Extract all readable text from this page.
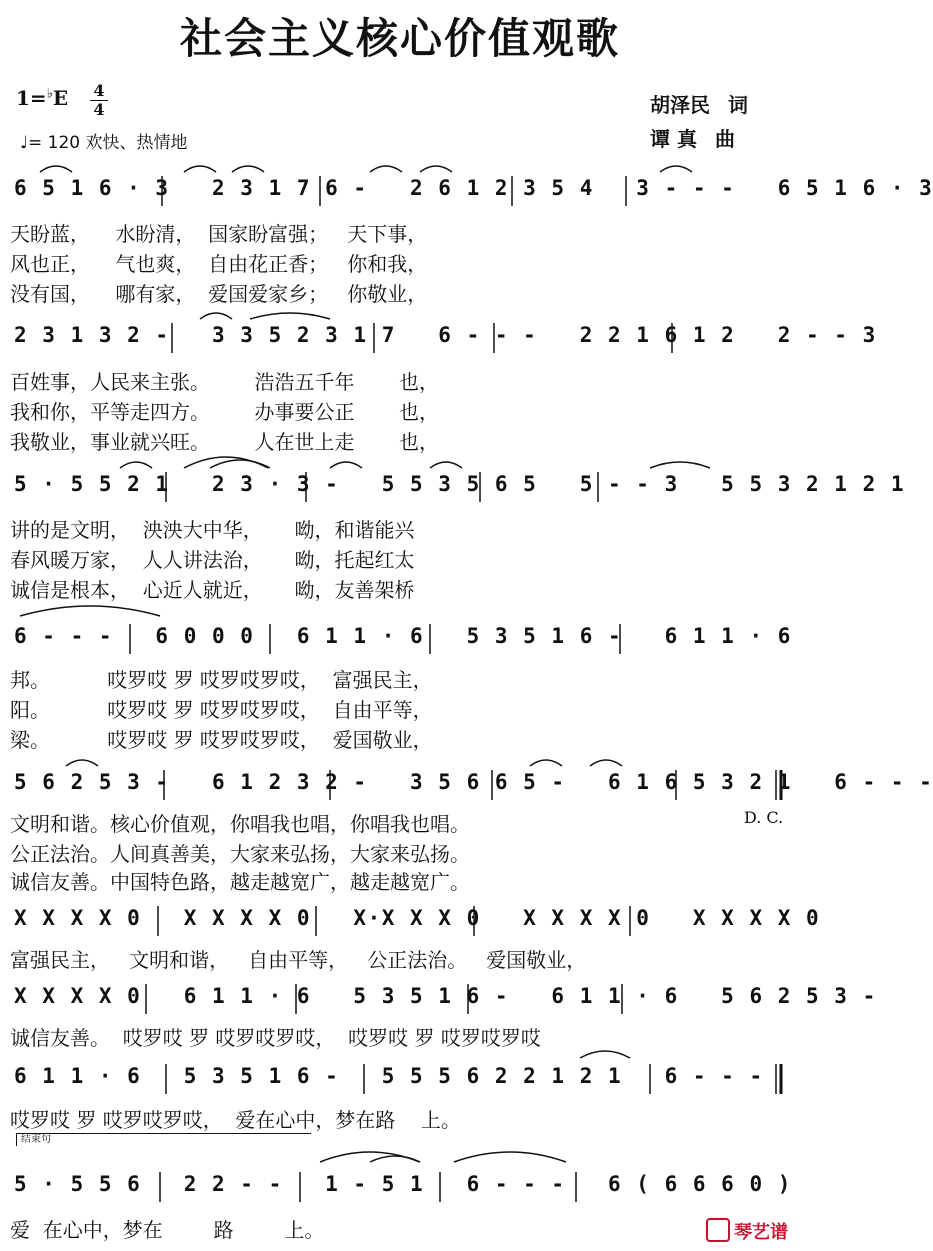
社会主义核心价值观歌
1=♭E	4
4
♩= 120 欢快、热情地
胡泽民 词
谭 真 曲
6 5 1 6 · 3   2 3 1 7 6 -   2 6 1 2 3 5 4   3 - - -   6 5 1 6 · 3
天盼蓝，    水盼清，  国家盼富强；   天下事，
风也正，    气也爽，  自由花正香；   你和我，
没有国，    哪有家，  爱国爱家乡；   你敬业，
2 3 1 3 2 -   3 3 5 2 3 1 7   6 - - -   2 2 1 6 1 2   2 - - 3
百姓事，人民来主张。       浩浩五千年       也，
我和你，平等走四方。       办事要公正       也，
我敬业，事业就兴旺。       人在世上走       也，
5 · 5 5 2 1   2 3 · 3 -   5 5 3 5 6 5   5 - - 3   5 5 3 2 1 2 1
讲的是文明，  泱泱大中华，     呦，和谐能兴
春风暖万家，  人人讲法治，     呦，托起红太
诚信是根本，  心近人就近，     呦，友善架桥
6 - - -   6 0 0 0   6 1 1 · 6   5 3 5 1 6 -   6 1 1 · 6
邦。         哎罗哎 罗 哎罗哎罗哎，  富强民主，
阳。         哎罗哎 罗 哎罗哎罗哎，  自由平等，
梁。         哎罗哎 罗 哎罗哎罗哎，  爱国敬业，
5 6 2 5 3 -   6 1 2 3 2 -   3 5 6 6 5 -   6 1 6 5 3 2 1   6 - - -
文明和谐。核心价值观，你唱我也唱，你唱我也唱。	D. C.
公正法治。人间真善美，大家来弘扬，大家来弘扬。
诚信友善。中国特色路，越走越宽广，越走越宽广。
X X X X 0   X X X X 0   X·X X X 0   X X X X 0   X X X X 0
富强民主，   文明和谐，   自由平等，   公正法治。   爱国敬业，
X X X X 0   6 1 1 · 6   5 3 5 1 6 -   6 1 1 · 6   5 6 2 5 3 -
诚信友善。  哎罗哎 罗 哎罗哎罗哎，  哎罗哎 罗 哎罗哎罗哎
6 1 1 · 6   5 3 5 1 6 -   5 5 5 6 2 2 1 2 1   6 - - -
哎罗哎 罗 哎罗哎罗哎，  爱在心中，梦在路    上。
结束句
5 · 5 5 6   2 2 - -   1 - 5 1   6 - - -   6 ( 6 6 6 0 )
爱  在心中，梦在        路        上。	琴艺谱
